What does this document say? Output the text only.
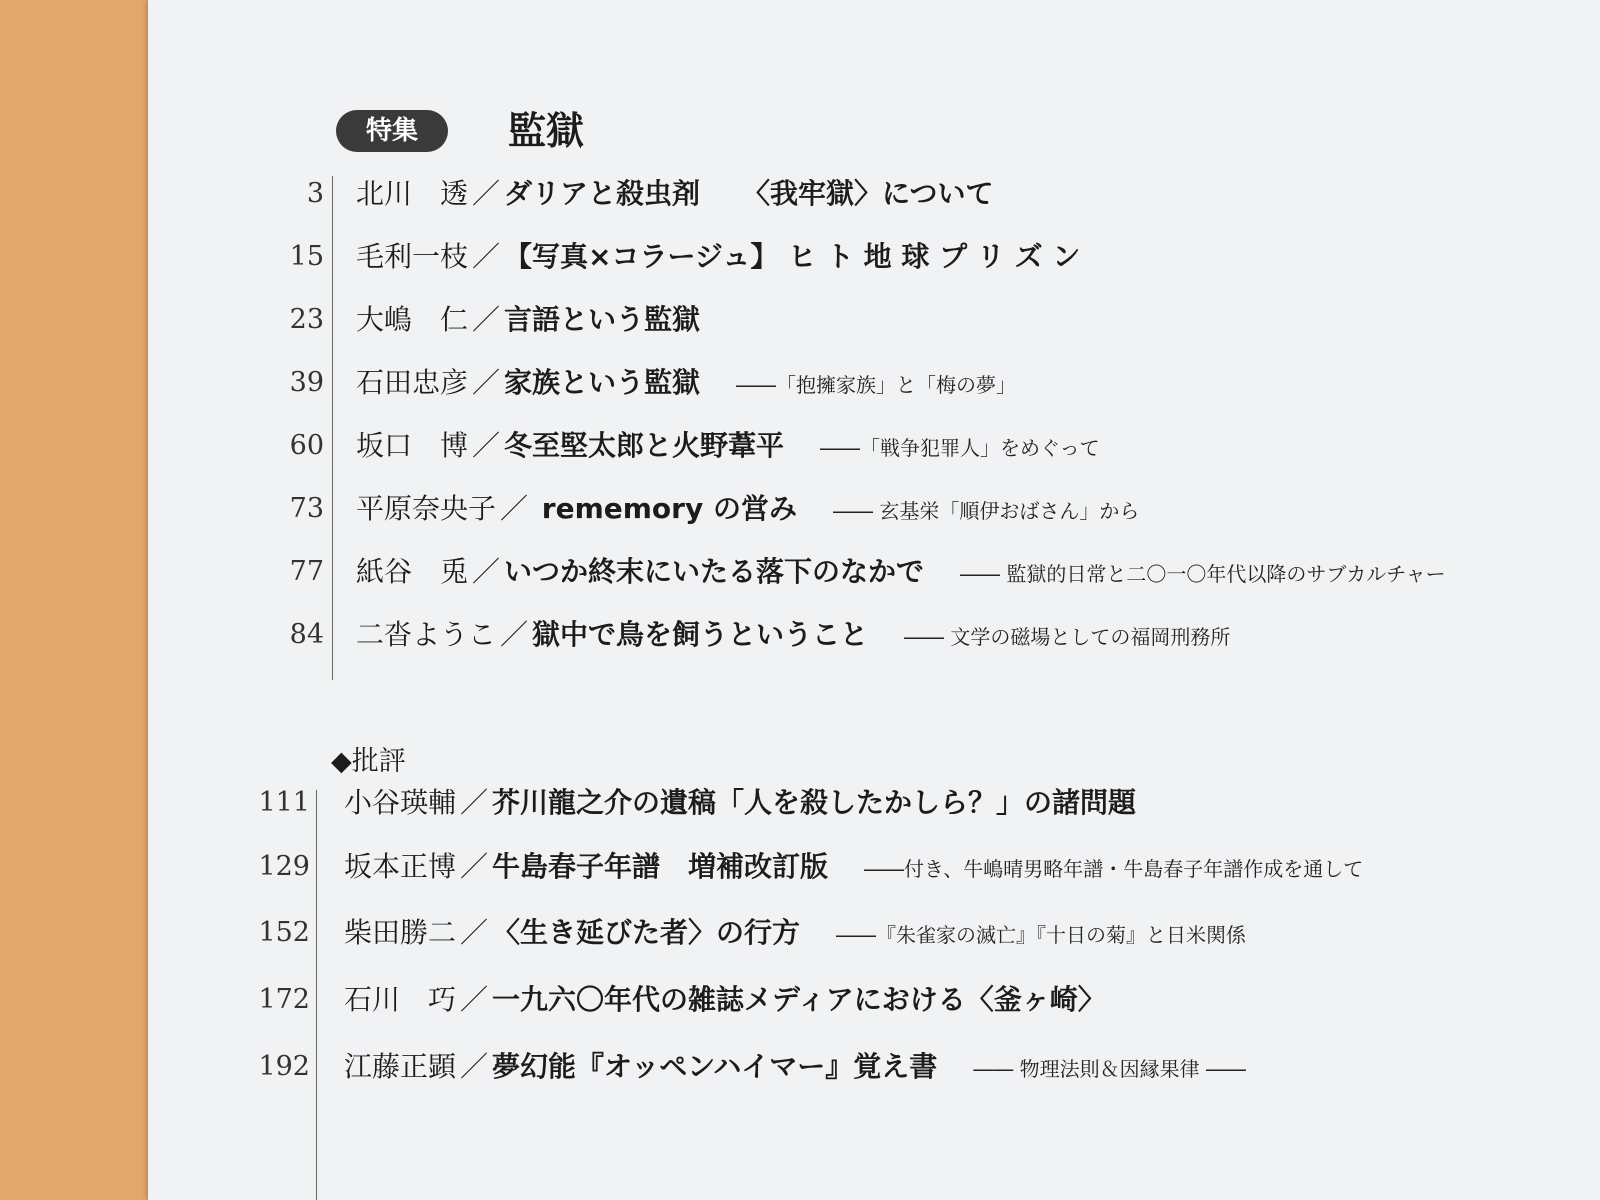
特集	監獄
3 北川　透 ／ ダリアと殺虫剤　　〈我牢獄〉について
15 毛利一枝 ／ 【写真×コラージュ】 ヒ ト 地 球 プ リ ズ ン
23 大嶋　仁 ／ 言語という監獄
39 石田忠彦 ／ 家族という監獄 ――「抱擁家族」と「梅の夢」
60 坂口　博 ／ 冬至堅太郎と火野葦平 ――「戦争犯罪人」をめぐって
73 平原奈央子 ／ rememory の営み ―― 玄基栄「順伊おばさん」から
77 紙谷　兎 ／ いつか終末にいたる落下のなかで ―― 監獄的日常と二〇一〇年代以降のサブカルチャー
84 二沓ようこ ／ 獄中で鳥を飼うということ ―― 文学の磁場としての福岡刑務所
◆批評
111 小谷瑛輔 ／ 芥川龍之介の遺稿「人を殺したかしら？」の諸問題
129 坂本正博 ／ 牛島春子年譜　増補改訂版 ――付き、牛嶋晴男略年譜・牛島春子年譜作成を通して
152 柴田勝二 ／ 〈生き延びた者〉の行方 ――『朱雀家の滅亡』『十日の菊』と日米関係
172 石川　巧 ／ 一九六〇年代の雑誌メディアにおける〈釜ヶ崎〉
192 江藤正顕 ／ 夢幻能『オッペンハイマー』覚え書 ―― 物理法則＆因縁果律 ――
